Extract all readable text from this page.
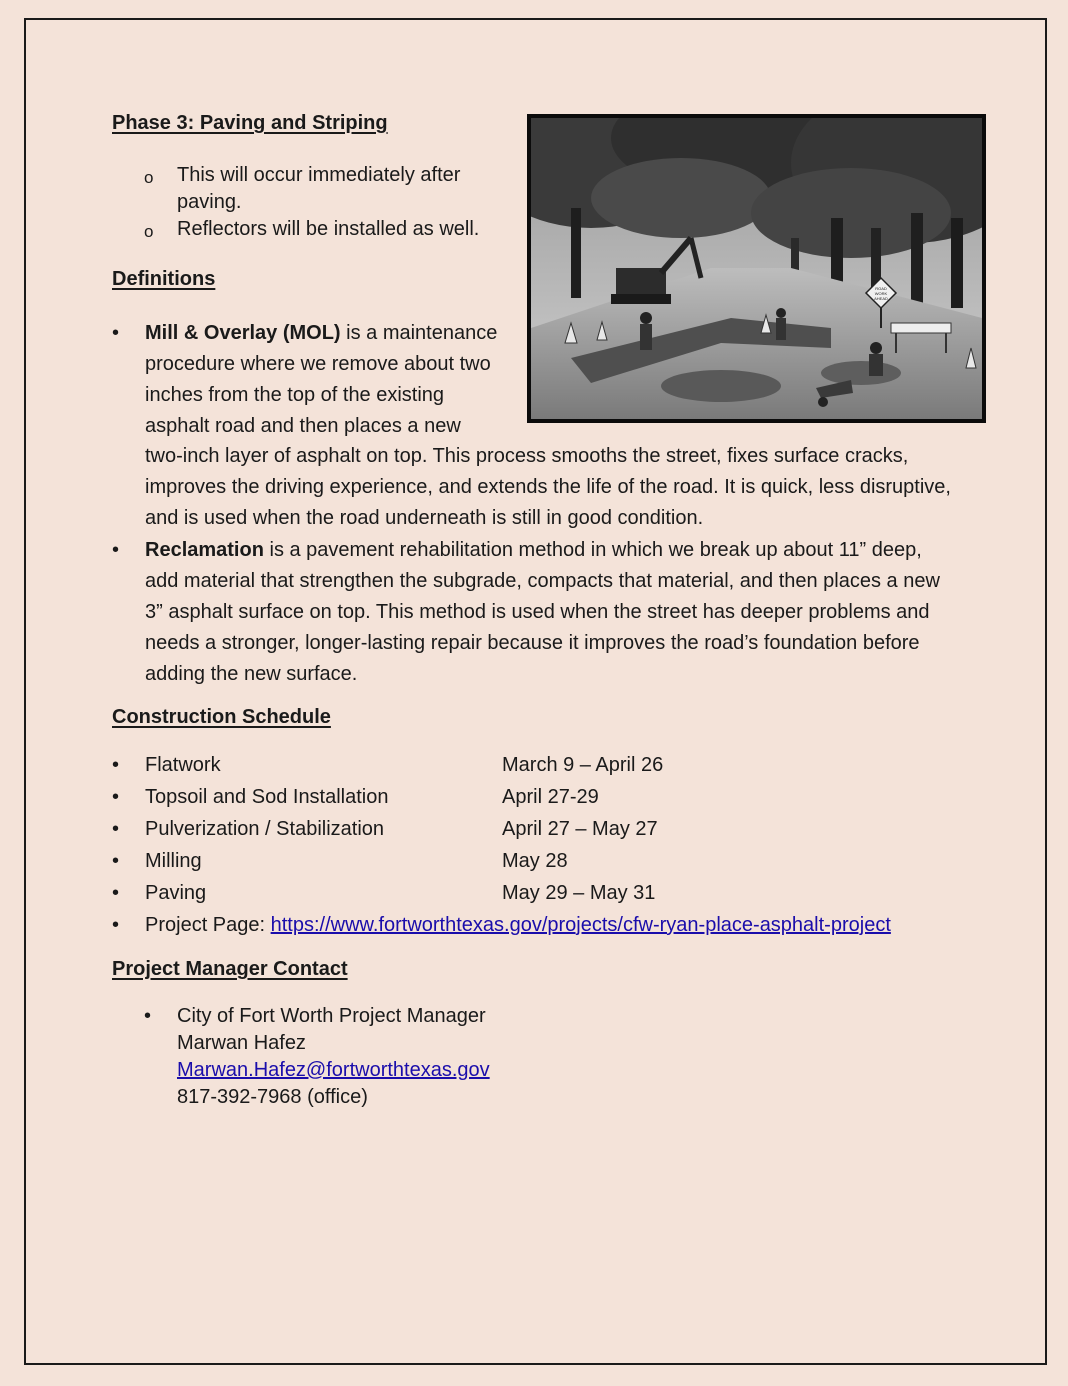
Phase 3: Paving and Striping
o This will occur immediately after
paving.
o Reflectors will be installed as well.
ROAD
WORK
AHEAD
Definitions
• Mill & Overlay (MOL) is a maintenance procedure where we remove about two inches from the top of the existing asphalt road and then places a new

two-inch layer of asphalt on top. This process smooths the street, fixes surface cracks, improves the driving experience, and extends the life of the road. It is quick, less disruptive, and is used when the road underneath is still in good condition.

• Reclamation is a pavement rehabilitation method in which we break up about 11” deep, add material that strengthen the subgrade, compacts that material, and then places a new 3” asphalt surface on top. This method is used when the street has deeper problems and needs a stronger, longer-lasting repair because it improves the road’s foundation before adding the new surface.
Construction Schedule
• Flatwork	March 9 – April 26
• Topsoil and Sod Installation	April 27-29
• Pulverization / Stabilization	April 27 – May 27
• Milling	May 28
• Paving	May 29 – May 31
• Project Page: https://www.fortworthtexas.gov/projects/cfw-ryan-place-asphalt-project
Project Manager Contact
• City of Fort Worth Project Manager
Marwan Hafez
Marwan.Hafez@fortworthtexas.gov
817-392-7968 (office)
